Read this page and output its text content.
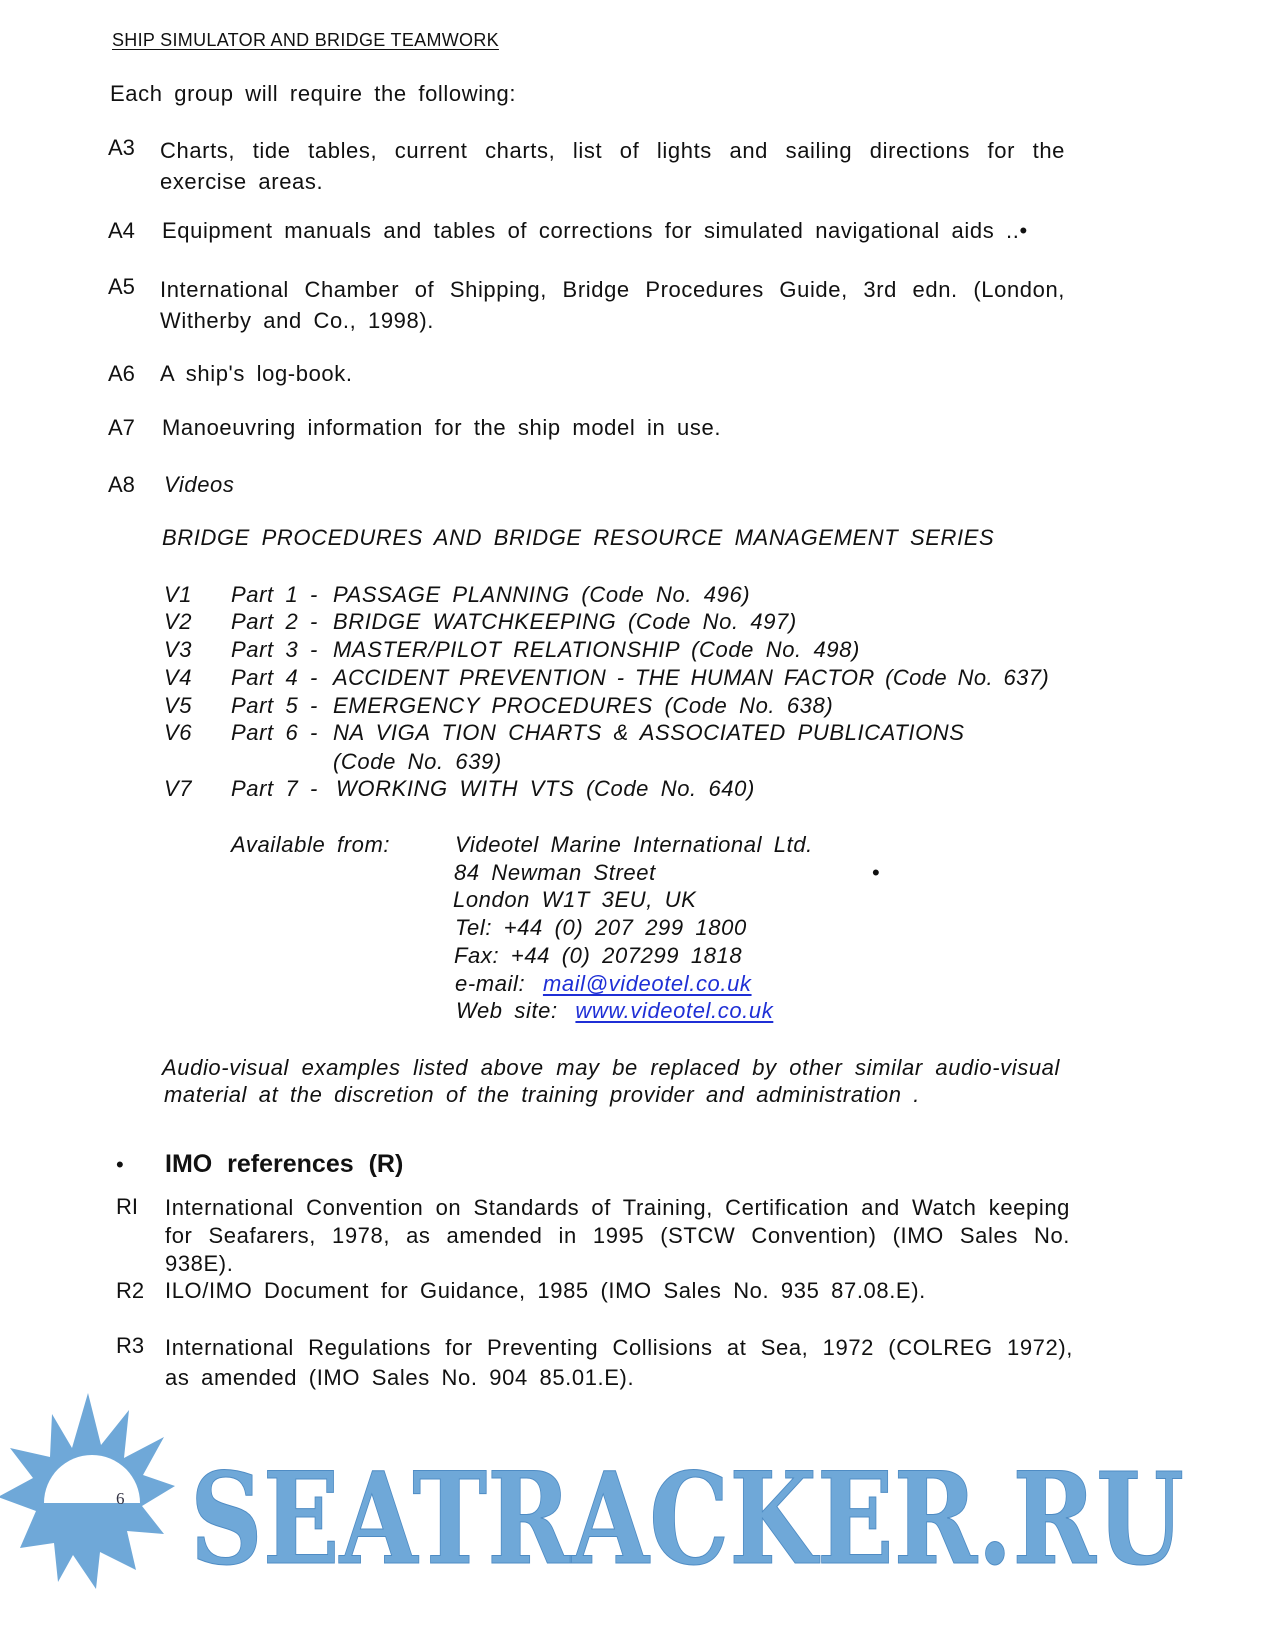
SHIP SIMULATOR AND BRIDGE TEAMWORK
Each group will require the following:
A3 Charts, tide tables, current charts, list of lights and sailing directions for the exercise areas.
A4 Equipment manuals and tables of corrections for simulated navigational aids ..•
A5 International Chamber of Shipping, Bridge Procedures Guide, 3rd edn. (London, Witherby and Co., 1998).
A6 A ship's log-book.
A7 Manoeuvring information for the ship model in use.
A8 Videos
BRIDGE PROCEDURES AND BRIDGE RESOURCE MANAGEMENT SERIES
V1 Part 1 - PASSAGE PLANNING (Code No. 496)
V2 Part 2 - BRIDGE WATCHKEEPING (Code No. 497)
V3 Part 3 - MASTER/PILOT RELATIONSHIP (Code No. 498)
V4 Part 4 - ACCIDENT PREVENTION - THE HUMAN FACTOR (Code No. 637)
V5 Part 5 - EMERGENCY PROCEDURES (Code No. 638)
V6 Part 6 - NA VIGA TION CHARTS & ASSOCIATED PUBLICATIONS
(Code No. 639)
V7 Part 7 - WORKING WITH VTS (Code No. 640)
Available from:	Videotel Marine International Ltd.
84 Newman Street	•
London W1T 3EU, UK
Tel: +44 (0) 207 299 1800
Fax: +44 (0) 207299 1818
e-mail: mail@videotel.co.uk
Web site: www.videotel.co.uk
Audio-visual examples listed above may be replaced by other similar audio-visual
material at the discretion of the training provider and administration .
• IMO references (R)
RI International Convention on Standards of Training, Certification and Watch keeping for Seafarers, 1978, as amended in 1995 (STCW Convention) (IMO Sales No. 938E).
R2 ILO/IMO Document for Guidance, 1985 (IMO Sales No. 935 87.08.E).
R3 International Regulations for Preventing Collisions at Sea, 1972 (COLREG 1972), as amended (IMO Sales No. 904 85.01.E).
SEATRACKER.RU
6
